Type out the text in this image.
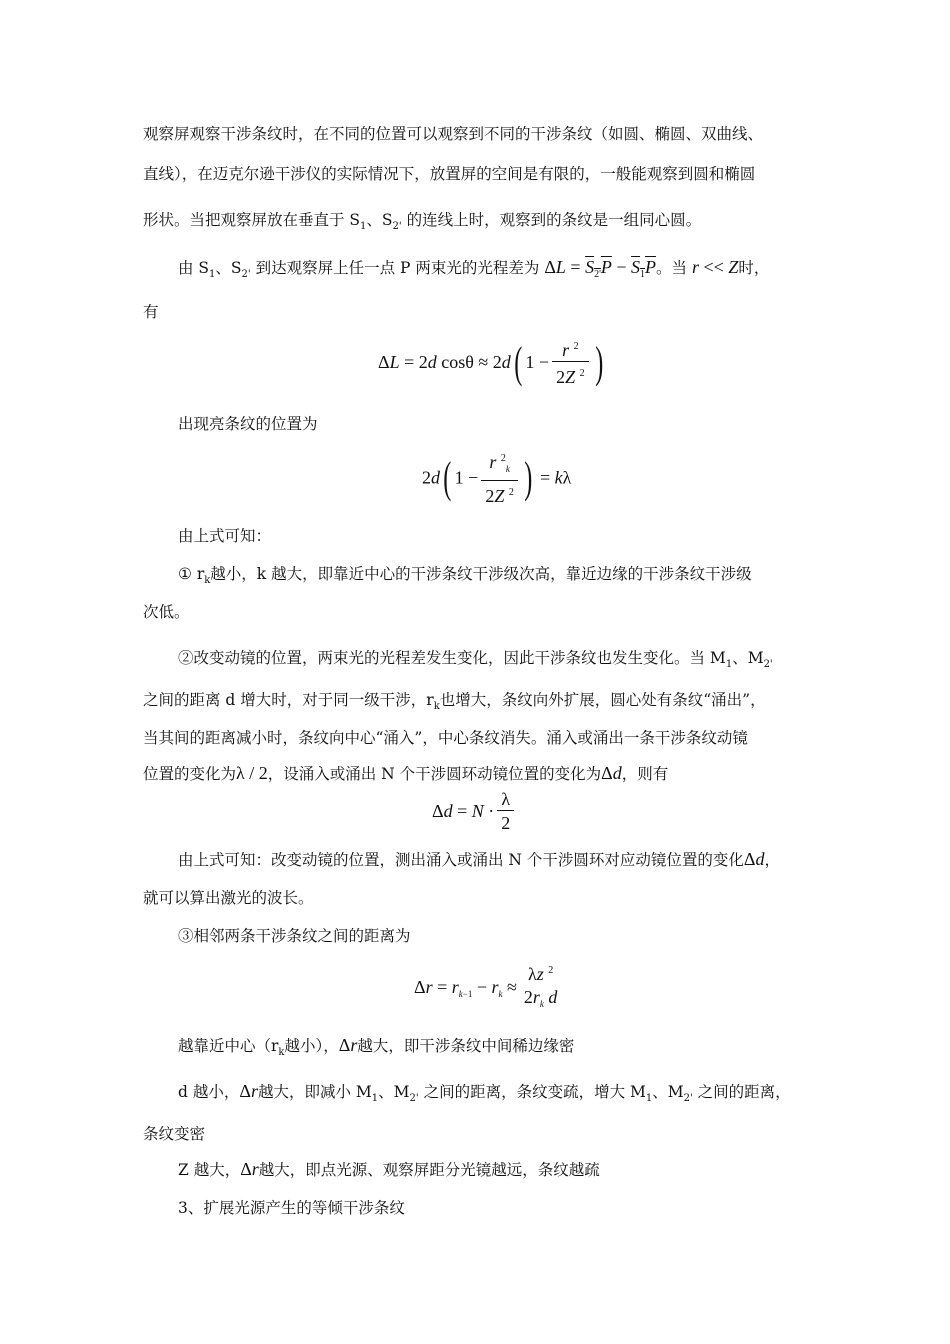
观察屏观察干涉条纹时，在不同的位置可以观察到不同的干涉条纹（如圆、椭圆、双曲线、
直线），在迈克尔逊干涉仪的实际情况下，放置屏的空间是有限的，一般能观察到圆和椭圆
形状。当把观察屏放在垂直于 $S_1$、$S_{2'}$ 的连线上时，观察到的条纹是一组同心圆。
由 $S_1$、$S_{2'}$ 到达观察屏上任一点 P 两束光的光程差为 $\Delta L = S_{2'}P - S_1P$。当 r << Z时，
有
ΔL = 2d cosθ ≈ 2d( $1 - \frac{r ^2}{2Z ^2}$ )
出现亮条纹的位置为
2d( $1 - \frac{r ^2_k}{2Z ^2}$ ) = kλ
由上式可知：
① $r_k$越小，k 越大，即靠近中心的干涉条纹干涉级次高，靠近边缘的干涉条纹干涉级
次低。
②改变动镜的位置，两束光的光程差发生变化，因此干涉条纹也发生变化。当 $M_1$、$M_{2'}$
之间的距离 d 增大时，对于同一级干涉，$r_k$也增大，条纹向外扩展，圆心处有条纹“涌出”，
当其间的距离减小时，条纹向中心“涌入”，中心条纹消失。涌入或涌出一条干涉条纹动镜
位置的变化为λ / 2，设涌入或涌出 N 个干涉圆环动镜位置的变化为Δd，则有
$\Delta d = N \cdot \frac{\lambda}{2}$
由上式可知：改变动镜的位置，测出涌入或涌出 N 个干涉圆环对应动镜位置的变化Δd，
就可以算出激光的波长。
③相邻两条干涉条纹之间的距离为
$\Delta r = r_{k-1} - r_k$ ≈
λz $^2$
$2r_k$ d
越靠近中心（$r_k$越小），Δr越大，即干涉条纹中间稀边缘密
d 越小，Δr越大，即减小 $M_1$、$M_{2'}$ 之间的距离，条纹变疏，增大 $M_1$、$M_{2'}$ 之间的距离，
条纹变密
Z 越大，Δr越大，即点光源、观察屏距分光镜越远，条纹越疏
3、扩展光源产生的等倾干涉条纹
